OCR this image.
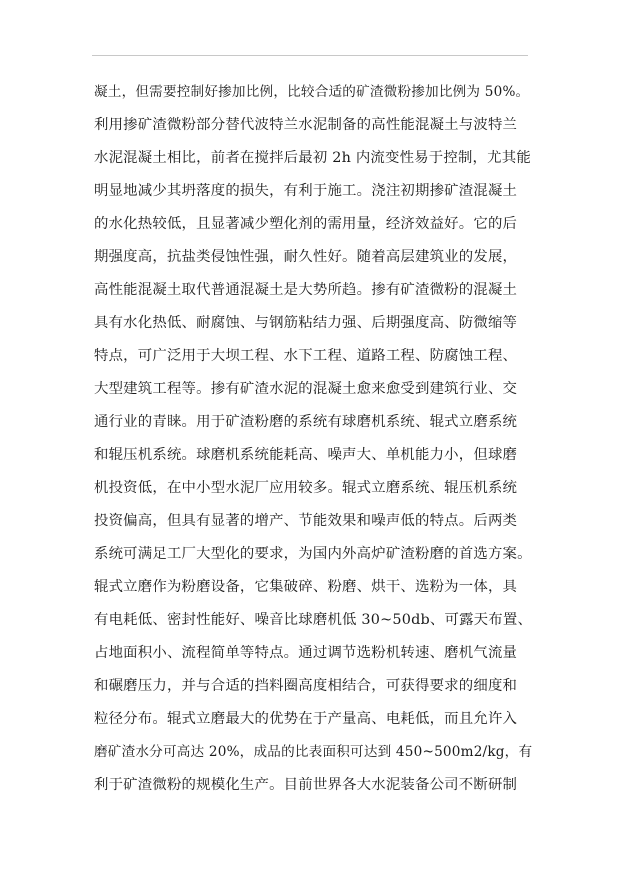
凝土，但需要控制好掺加比例，比较合适的矿渣微粉掺加比例为 50%。
利用掺矿渣微粉部分替代波特兰水泥制备的高性能混凝土与波特兰
水泥混凝土相比，前者在搅拌后最初 2h 内流变性易于控制，尤其能
明显地减少其坍落度的损失，有利于施工。浇注初期掺矿渣混凝土
的水化热较低，且显著减少塑化剂的需用量，经济效益好。它的后
期强度高，抗盐类侵蚀性强，耐久性好。随着高层建筑业的发展，
高性能混凝土取代普通混凝土是大势所趋。掺有矿渣微粉的混凝土
具有水化热低、耐腐蚀、与钢筋粘结力强、后期强度高、防微缩等
特点，可广泛用于大坝工程、水下工程、道路工程、防腐蚀工程、
大型建筑工程等。掺有矿渣水泥的混凝土愈来愈受到建筑行业、交
通行业的青睐。用于矿渣粉磨的系统有球磨机系统、辊式立磨系统
和辊压机系统。球磨机系统能耗高、噪声大、单机能力小，但球磨
机投资低，在中小型水泥厂应用较多。辊式立磨系统、辊压机系统
投资偏高，但具有显著的增产、节能效果和噪声低的特点。后两类
系统可满足工厂大型化的要求，为国内外高炉矿渣粉磨的首选方案。
辊式立磨作为粉磨设备，它集破碎、粉磨、烘干、选粉为一体，具
有电耗低、密封性能好、噪音比球磨机低 30~50db、可露天布置、
占地面积小、流程简单等特点。通过调节选粉机转速、磨机气流量
和碾磨压力，并与合适的挡料圈高度相结合，可获得要求的细度和
粒径分布。辊式立磨最大的优势在于产量高、电耗低，而且允许入
磨矿渣水分可高达 20%，成品的比表面积可达到 450~500m2/kg，有
利于矿渣微粉的规模化生产。目前世界各大水泥装备公司不断研制
